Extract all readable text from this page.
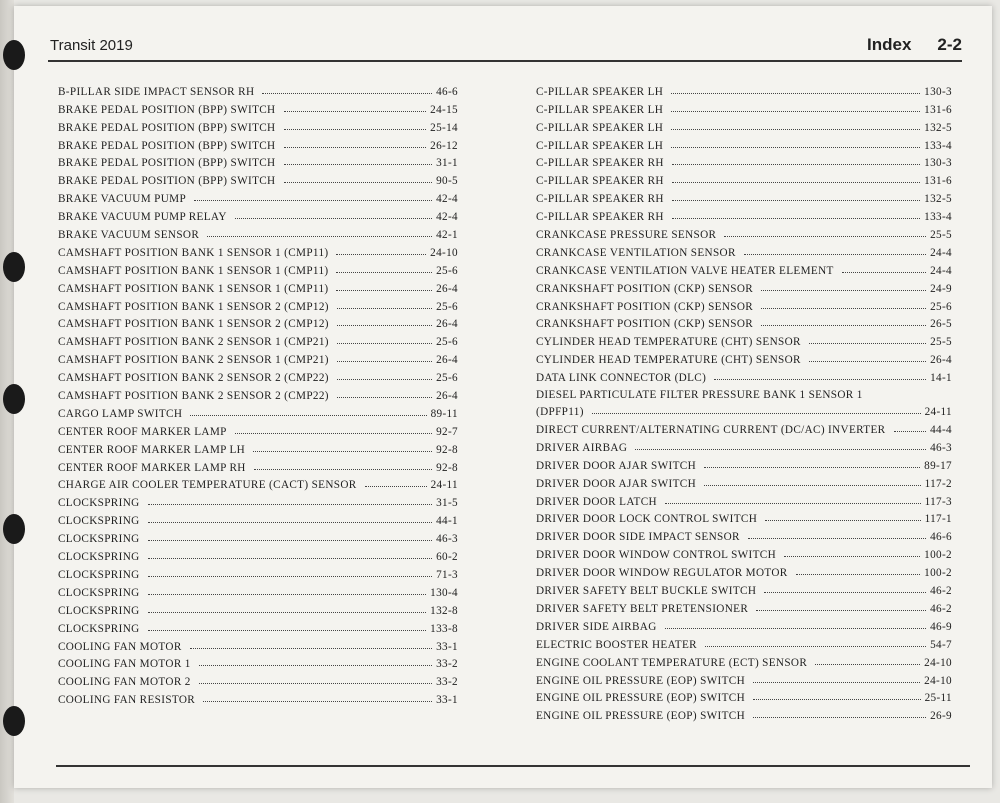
Transit 2019	Index 2-2
B-PILLAR SIDE IMPACT SENSOR RH	46-6
BRAKE PEDAL POSITION (BPP) SWITCH	24-15
BRAKE PEDAL POSITION (BPP) SWITCH	25-14
BRAKE PEDAL POSITION (BPP) SWITCH	26-12
BRAKE PEDAL POSITION (BPP) SWITCH	31-1
BRAKE PEDAL POSITION (BPP) SWITCH	90-5
BRAKE VACUUM PUMP	42-4
BRAKE VACUUM PUMP RELAY	42-4
BRAKE VACUUM SENSOR	42-1
CAMSHAFT POSITION BANK 1 SENSOR 1 (CMP11)	24-10
CAMSHAFT POSITION BANK 1 SENSOR 1 (CMP11)	25-6
CAMSHAFT POSITION BANK 1 SENSOR 1 (CMP11)	26-4
CAMSHAFT POSITION BANK 1 SENSOR 2 (CMP12)	25-6
CAMSHAFT POSITION BANK 1 SENSOR 2 (CMP12)	26-4
CAMSHAFT POSITION BANK 2 SENSOR 1 (CMP21)	25-6
CAMSHAFT POSITION BANK 2 SENSOR 1 (CMP21)	26-4
CAMSHAFT POSITION BANK 2 SENSOR 2 (CMP22)	25-6
CAMSHAFT POSITION BANK 2 SENSOR 2 (CMP22)	26-4
CARGO LAMP SWITCH	89-11
CENTER ROOF MARKER LAMP	92-7
CENTER ROOF MARKER LAMP LH	92-8
CENTER ROOF MARKER LAMP RH	92-8
CHARGE AIR COOLER TEMPERATURE (CACT) SENSOR	24-11
CLOCKSPRING	31-5
CLOCKSPRING	44-1
CLOCKSPRING	46-3
CLOCKSPRING	60-2
CLOCKSPRING	71-3
CLOCKSPRING	130-4
CLOCKSPRING	132-8
CLOCKSPRING	133-8
COOLING FAN MOTOR	33-1
COOLING FAN MOTOR 1	33-2
COOLING FAN MOTOR 2	33-2
COOLING FAN RESISTOR	33-1
C-PILLAR SPEAKER LH	130-3
C-PILLAR SPEAKER LH	131-6
C-PILLAR SPEAKER LH	132-5
C-PILLAR SPEAKER LH	133-4
C-PILLAR SPEAKER RH	130-3
C-PILLAR SPEAKER RH	131-6
C-PILLAR SPEAKER RH	132-5
C-PILLAR SPEAKER RH	133-4
CRANKCASE PRESSURE SENSOR	25-5
CRANKCASE VENTILATION SENSOR	24-4
CRANKCASE VENTILATION VALVE HEATER ELEMENT	24-4
CRANKSHAFT POSITION (CKP) SENSOR	24-9
CRANKSHAFT POSITION (CKP) SENSOR	25-6
CRANKSHAFT POSITION (CKP) SENSOR	26-5
CYLINDER HEAD TEMPERATURE (CHT) SENSOR	25-5
CYLINDER HEAD TEMPERATURE (CHT) SENSOR	26-4
DATA LINK CONNECTOR (DLC)	14-1
DIESEL PARTICULATE FILTER PRESSURE BANK 1 SENSOR 1
(DPFP11)	24-11
DIRECT CURRENT/ALTERNATING CURRENT (DC/AC) INVERTER	44-4
DRIVER AIRBAG	46-3
DRIVER DOOR AJAR SWITCH	89-17
DRIVER DOOR AJAR SWITCH	117-2
DRIVER DOOR LATCH	117-3
DRIVER DOOR LOCK CONTROL SWITCH	117-1
DRIVER DOOR SIDE IMPACT SENSOR	46-6
DRIVER DOOR WINDOW CONTROL SWITCH	100-2
DRIVER DOOR WINDOW REGULATOR MOTOR	100-2
DRIVER SAFETY BELT BUCKLE SWITCH	46-2
DRIVER SAFETY BELT PRETENSIONER	46-2
DRIVER SIDE AIRBAG	46-9
ELECTRIC BOOSTER HEATER	54-7
ENGINE COOLANT TEMPERATURE (ECT) SENSOR	24-10
ENGINE OIL PRESSURE (EOP) SWITCH	24-10
ENGINE OIL PRESSURE (EOP) SWITCH	25-11
ENGINE OIL PRESSURE (EOP) SWITCH	26-9
